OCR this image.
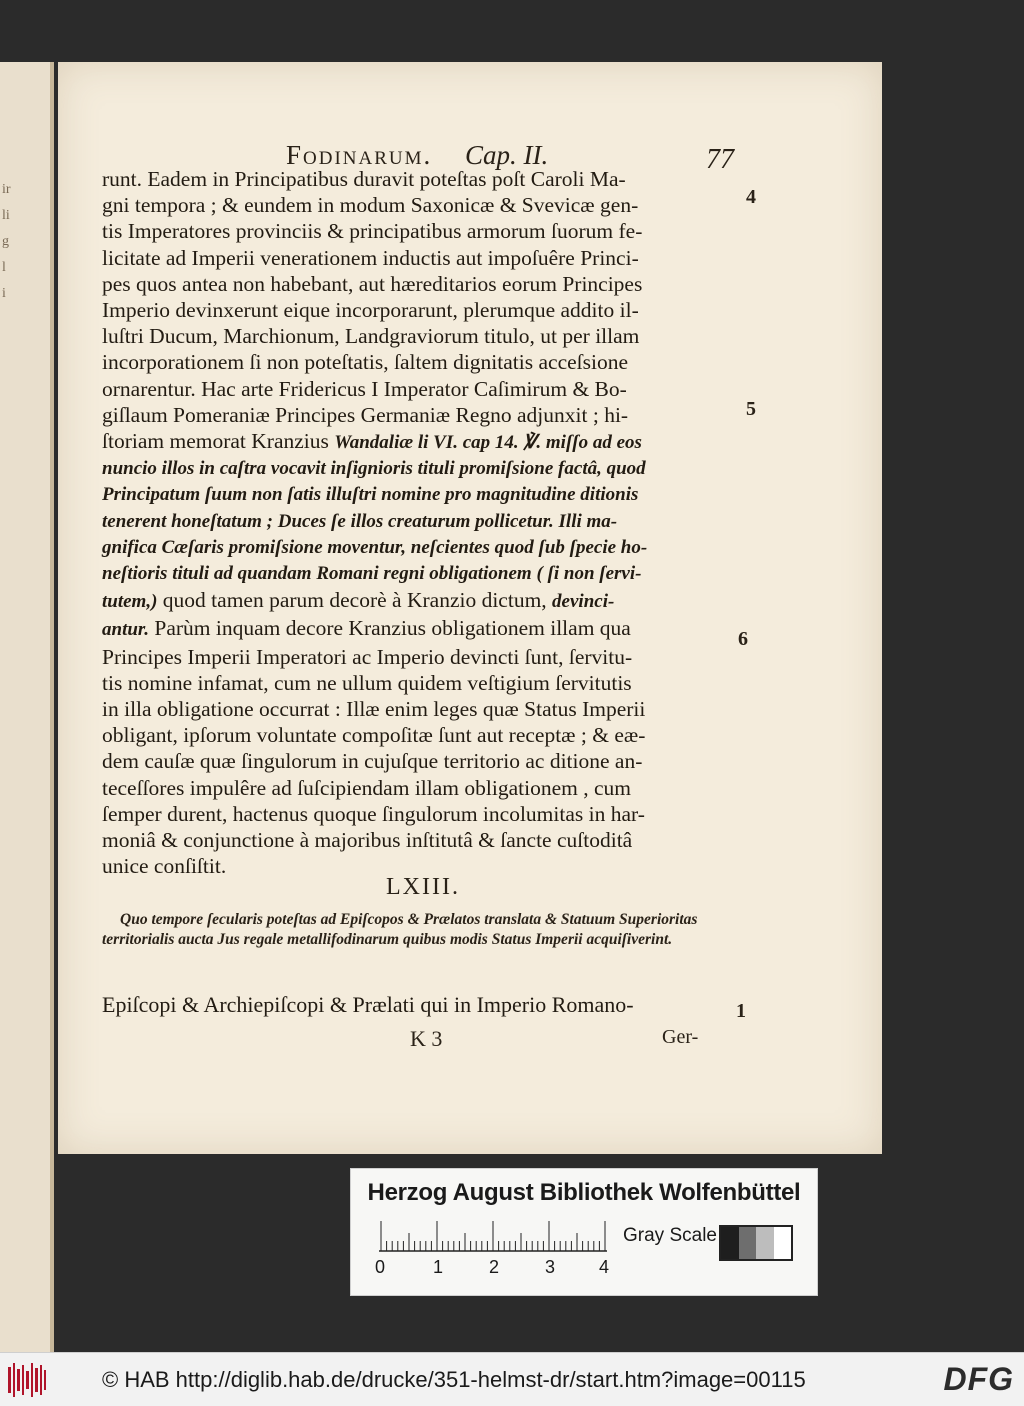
ir
li
g
l
i
Fodinarum. Cap. II.	77
4
5
6
1
runt. Eadem in Principatibus duravit poteſtas poſt Caroli Ma-
gni tempora ; & eundem in modum Saxonicæ & Svevicæ gen-
tis Imperatores provinciis & principatibus armorum ſuorum fe-
licitate ad Imperii venerationem inductis aut impoſuêre Princi-
pes quos antea non habebant, aut hæreditarios eorum Principes
Imperio devinxerunt eique incorporarunt, plerumque addito il-
luſtri Ducum, Marchionum, Landgraviorum titulo, ut per illam
incorporationem ſi non poteſtatis, ſaltem dignitatis acceſsione
ornarentur. Hac arte Fridericus I Imperator Caſimirum & Bo-
giſlaum Pomeraniæ Principes Germaniæ Regno adjunxit ; hi-
ſtoriam memorat Kranzius Wandaliæ li VI. cap 14. ℣. miſſo ad eos
nuncio illos in caſtra vocavit inſignioris tituli promiſsione factâ, quod
Principatum ſuum non ſatis illuſtri nomine pro magnitudine ditionis
tenerent honeſtatum ; Duces ſe illos creaturum pollicetur. Illi ma-
gnifica Cæſaris promiſsione moventur, neſcientes quod ſub ſpecie ho-
neſtioris tituli ad quandam Romani regni obligationem ( ſi non ſervi-
tutem,) quod tamen parum decorè à Kranzio dictum, devinci-
antur. Parùm inquam decore Kranzius obligationem illam qua
Principes Imperii Imperatori ac Imperio devincti ſunt, ſervitu-
tis nomine infamat, cum ne ullum quidem veſtigium ſervitutis
in illa obligatione occurrat : Illæ enim leges quæ Status Imperii
obligant, ipſorum voluntate compoſitæ ſunt aut receptæ ; & eæ-
dem cauſæ quæ ſingulorum in cujuſque territorio ac ditione an-
teceſſores impulêre ad ſuſcipiendam illam obligationem , cum
ſemper durent, hactenus quoque ſingulorum incolumitas in har-
moniâ & conjunctione à majoribus inſtitutâ & ſancte cuſtoditâ
unice conſiſtit.
LXIII.
Quo tempore ſecularis poteſtas ad Epiſcopos & Prælatos translata & Statuum Superioritas territorialis aucta Jus regale metallifodinarum quibus modis Status Imperii acquiſiverint.
Epiſcopi & Archiepiſcopi & Prælati qui in Imperio Romano-
K 3	Ger-
Herzog August Bibliothek Wolfenbüttel
0	1	2	3 4
Gray Scale
© HAB http://diglib.hab.de/drucke/351-helmst-dr/start.htm?image=00115	DFG
